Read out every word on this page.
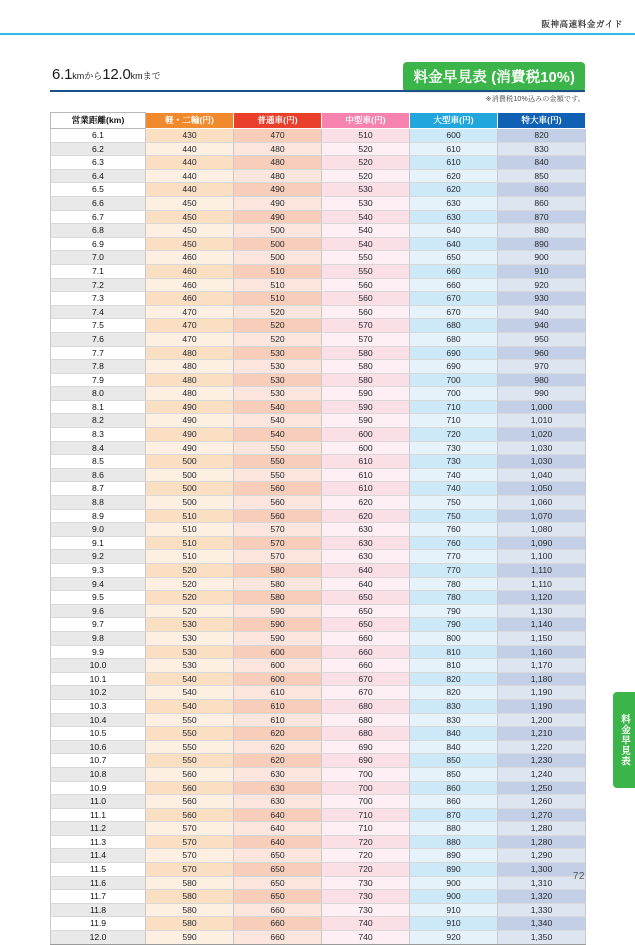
阪神高速料金ガイド
6.1kmから12.0kmまで	料金早見表 (消費税10%)
※消費税10%込みの金額です。
営業距離(km)	軽・二輪(円)	普通車(円)	中型車(円)	大型車(円)	特大車(円)
6.1	430	470	510	600	820
6.2	440	480	520	610	830
6.3	440	480	520	610	840
6.4	440	480	520	620	850
6.5	440	490	530	620	860
6.6	450	490	530	630	860
6.7	450	490	540	630	870
6.8	450	500	540	640	880
6.9	450	500	540	640	890
7.0	460	500	550	650	900
7.1	460	510	550	660	910
7.2	460	510	560	660	920
7.3	460	510	560	670	930
7.4	470	520	560	670	940
7.5	470	520	570	680	940
7.6	470	520	570	680	950
7.7	480	530	580	690	960
7.8	480	530	580	690	970
7.9	480	530	580	700	980
8.0	480	530	590	700	990
8.1	490	540	590	710	1,000
8.2	490	540	590	710	1,010
8.3	490	540	600	720	1,020
8.4	490	550	600	730	1,030
8.5	500	550	610	730	1,030
8.6	500	550	610	740	1,040
8.7	500	560	610	740	1,050
8.8	500	560	620	750	1,060
8.9	510	560	620	750	1,070
9.0	510	570	630	760	1,080
9.1	510	570	630	760	1,090
9.2	510	570	630	770	1,100
9.3	520	580	640	770	1,110
9.4	520	580	640	780	1,110
9.5	520	580	650	780	1,120
9.6	520	590	650	790	1,130
9.7	530	590	650	790	1,140
9.8	530	590	660	800	1,150
9.9	530	600	660	810	1,160
10.0	530	600	660	810	1,170
10.1	540	600	670	820	1,180
10.2	540	610	670	820	1,190
10.3	540	610	680	830	1,190
10.4	550	610	680	830	1,200
10.5	550	620	680	840	1,210
10.6	550	620	690	840	1,220
10.7	550	620	690	850	1,230
10.8	560	630	700	850	1,240
10.9	560	630	700	860	1,250
11.0	560	630	700	860	1,260
11.1	560	640	710	870	1,270
11.2	570	640	710	880	1,280
11.3	570	640	720	880	1,280
11.4	570	650	720	890	1,290
11.5	570	650	720	890	1,300
11.6	580	650	730	900	1,310
11.7	580	650	730	900	1,320
11.8	580	660	730	910	1,330
11.9	580	660	740	910	1,340
12.0	590	660	740	920	1,350
料金早見表
72
